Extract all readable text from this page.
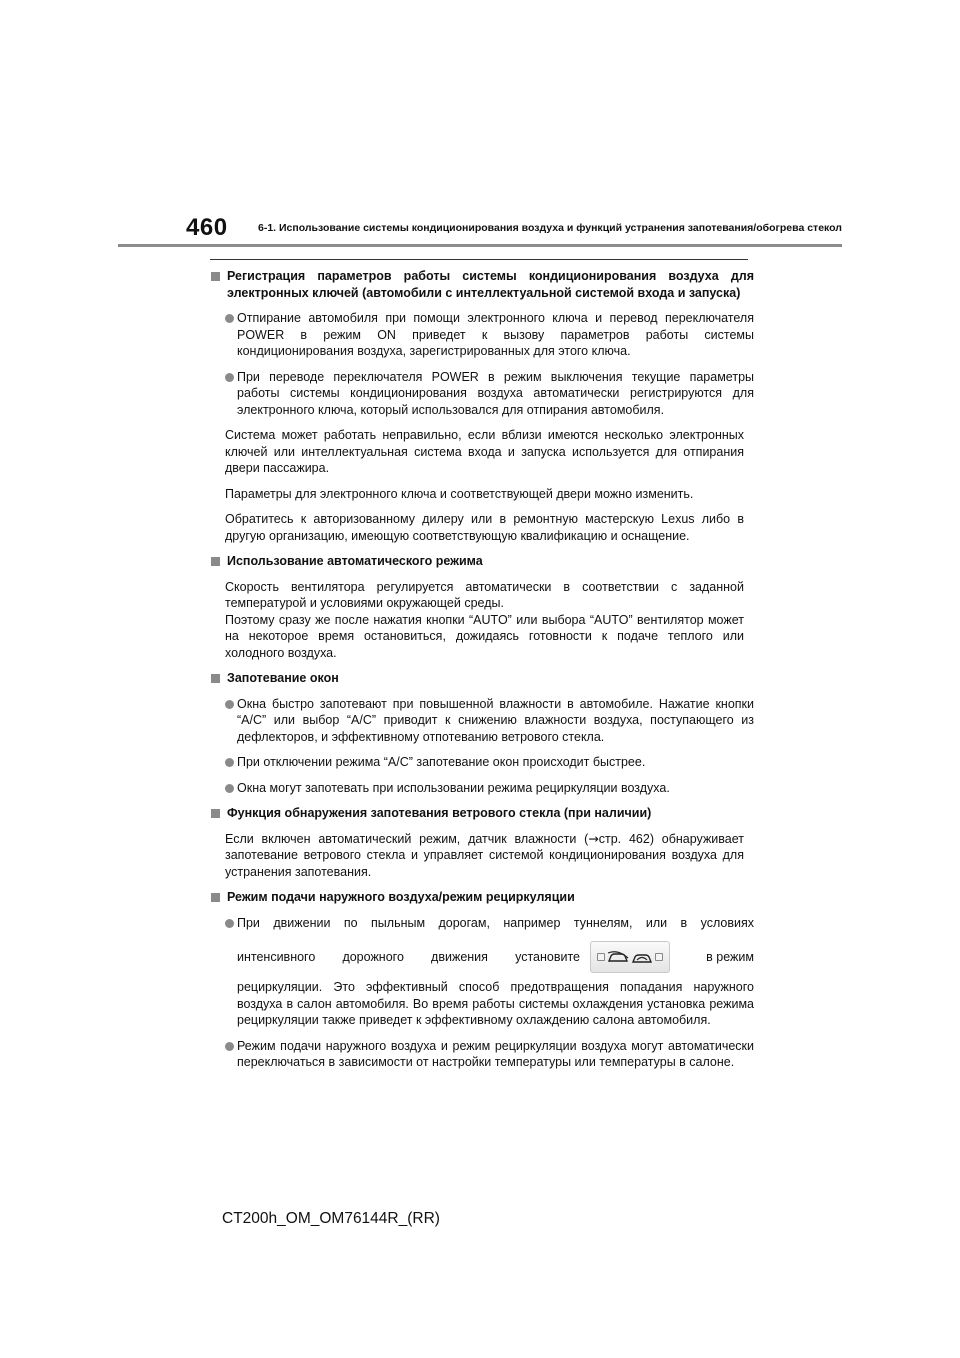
460	6-1. Использование системы кондиционирования воздуха и функций устранения запотевания/обогрева стекол
Регистрация параметров работы системы кондиционирования воздуха для электронных ключей (автомобили с интеллектуальной системой входа и запуска)
Отпирание автомобиля при помощи электронного ключа и перевод переключателя POWER в режим ON приведет к вызову параметров работы системы кондиционирования воздуха, зарегистрированных для этого ключа.
При переводе переключателя POWER в режим выключения текущие параметры работы системы кондиционирования воздуха автоматически регистрируются для электронного ключа, который использовался для отпирания автомобиля.
Система может работать неправильно, если вблизи имеются несколько электронных ключей или интеллектуальная система входа и запуска используется для отпирания двери пассажира.
Параметры для электронного ключа и соответствующей двери можно изменить.
Обратитесь к авторизованному дилеру или в ремонтную мастерскую Lexus либо в другую организацию, имеющую соответствующую квалификацию и оснащение.
Использование автоматического режима
Скорость вентилятора регулируется автоматически в соответствии с заданной температурой и условиями окружающей среды.
Поэтому сразу же после нажатия кнопки “AUTO” или выбора “AUTO” вентилятор может на некоторое время остановиться, дожидаясь готовности к подаче теплого или холодного воздуха.
Запотевание окон
Окна быстро запотевают при повышенной влажности в автомобиле. Нажатие кнопки “A/C” или выбор “A/C” приводит к снижению влажности воздуха, поступающего из дефлекторов, и эффективному отпотеванию ветрового стекла.
При отключении режима “A/C” запотевание окон происходит быстрее.
Окна могут запотевать при использовании режима рециркуляции воздуха.
Функция обнаружения запотевания ветрового стекла (при наличии)
Если включен автоматический режим, датчик влажности (→стр. 462) обнаруживает запотевание ветрового стекла и управляет системой кондиционирования воздуха для устранения запотевания.
Режим подачи наружного воздуха/режим рециркуляции
При движении по пыльным дорогам, например туннелям, или в условиях
интенсивного дорожного движения установите	в режим
рециркуляции. Это эффективный способ предотвращения попадания наружного воздуха в салон автомобиля. Во время работы системы охлаждения установка режима рециркуляции также приведет к эффективному охлаждению салона автомобиля.
Режим подачи наружного воздуха и режим рециркуляции воздуха могут автоматически переключаться в зависимости от настройки температуры или температуры в салоне.
CT200h_OM_OM76144R_(RR)
